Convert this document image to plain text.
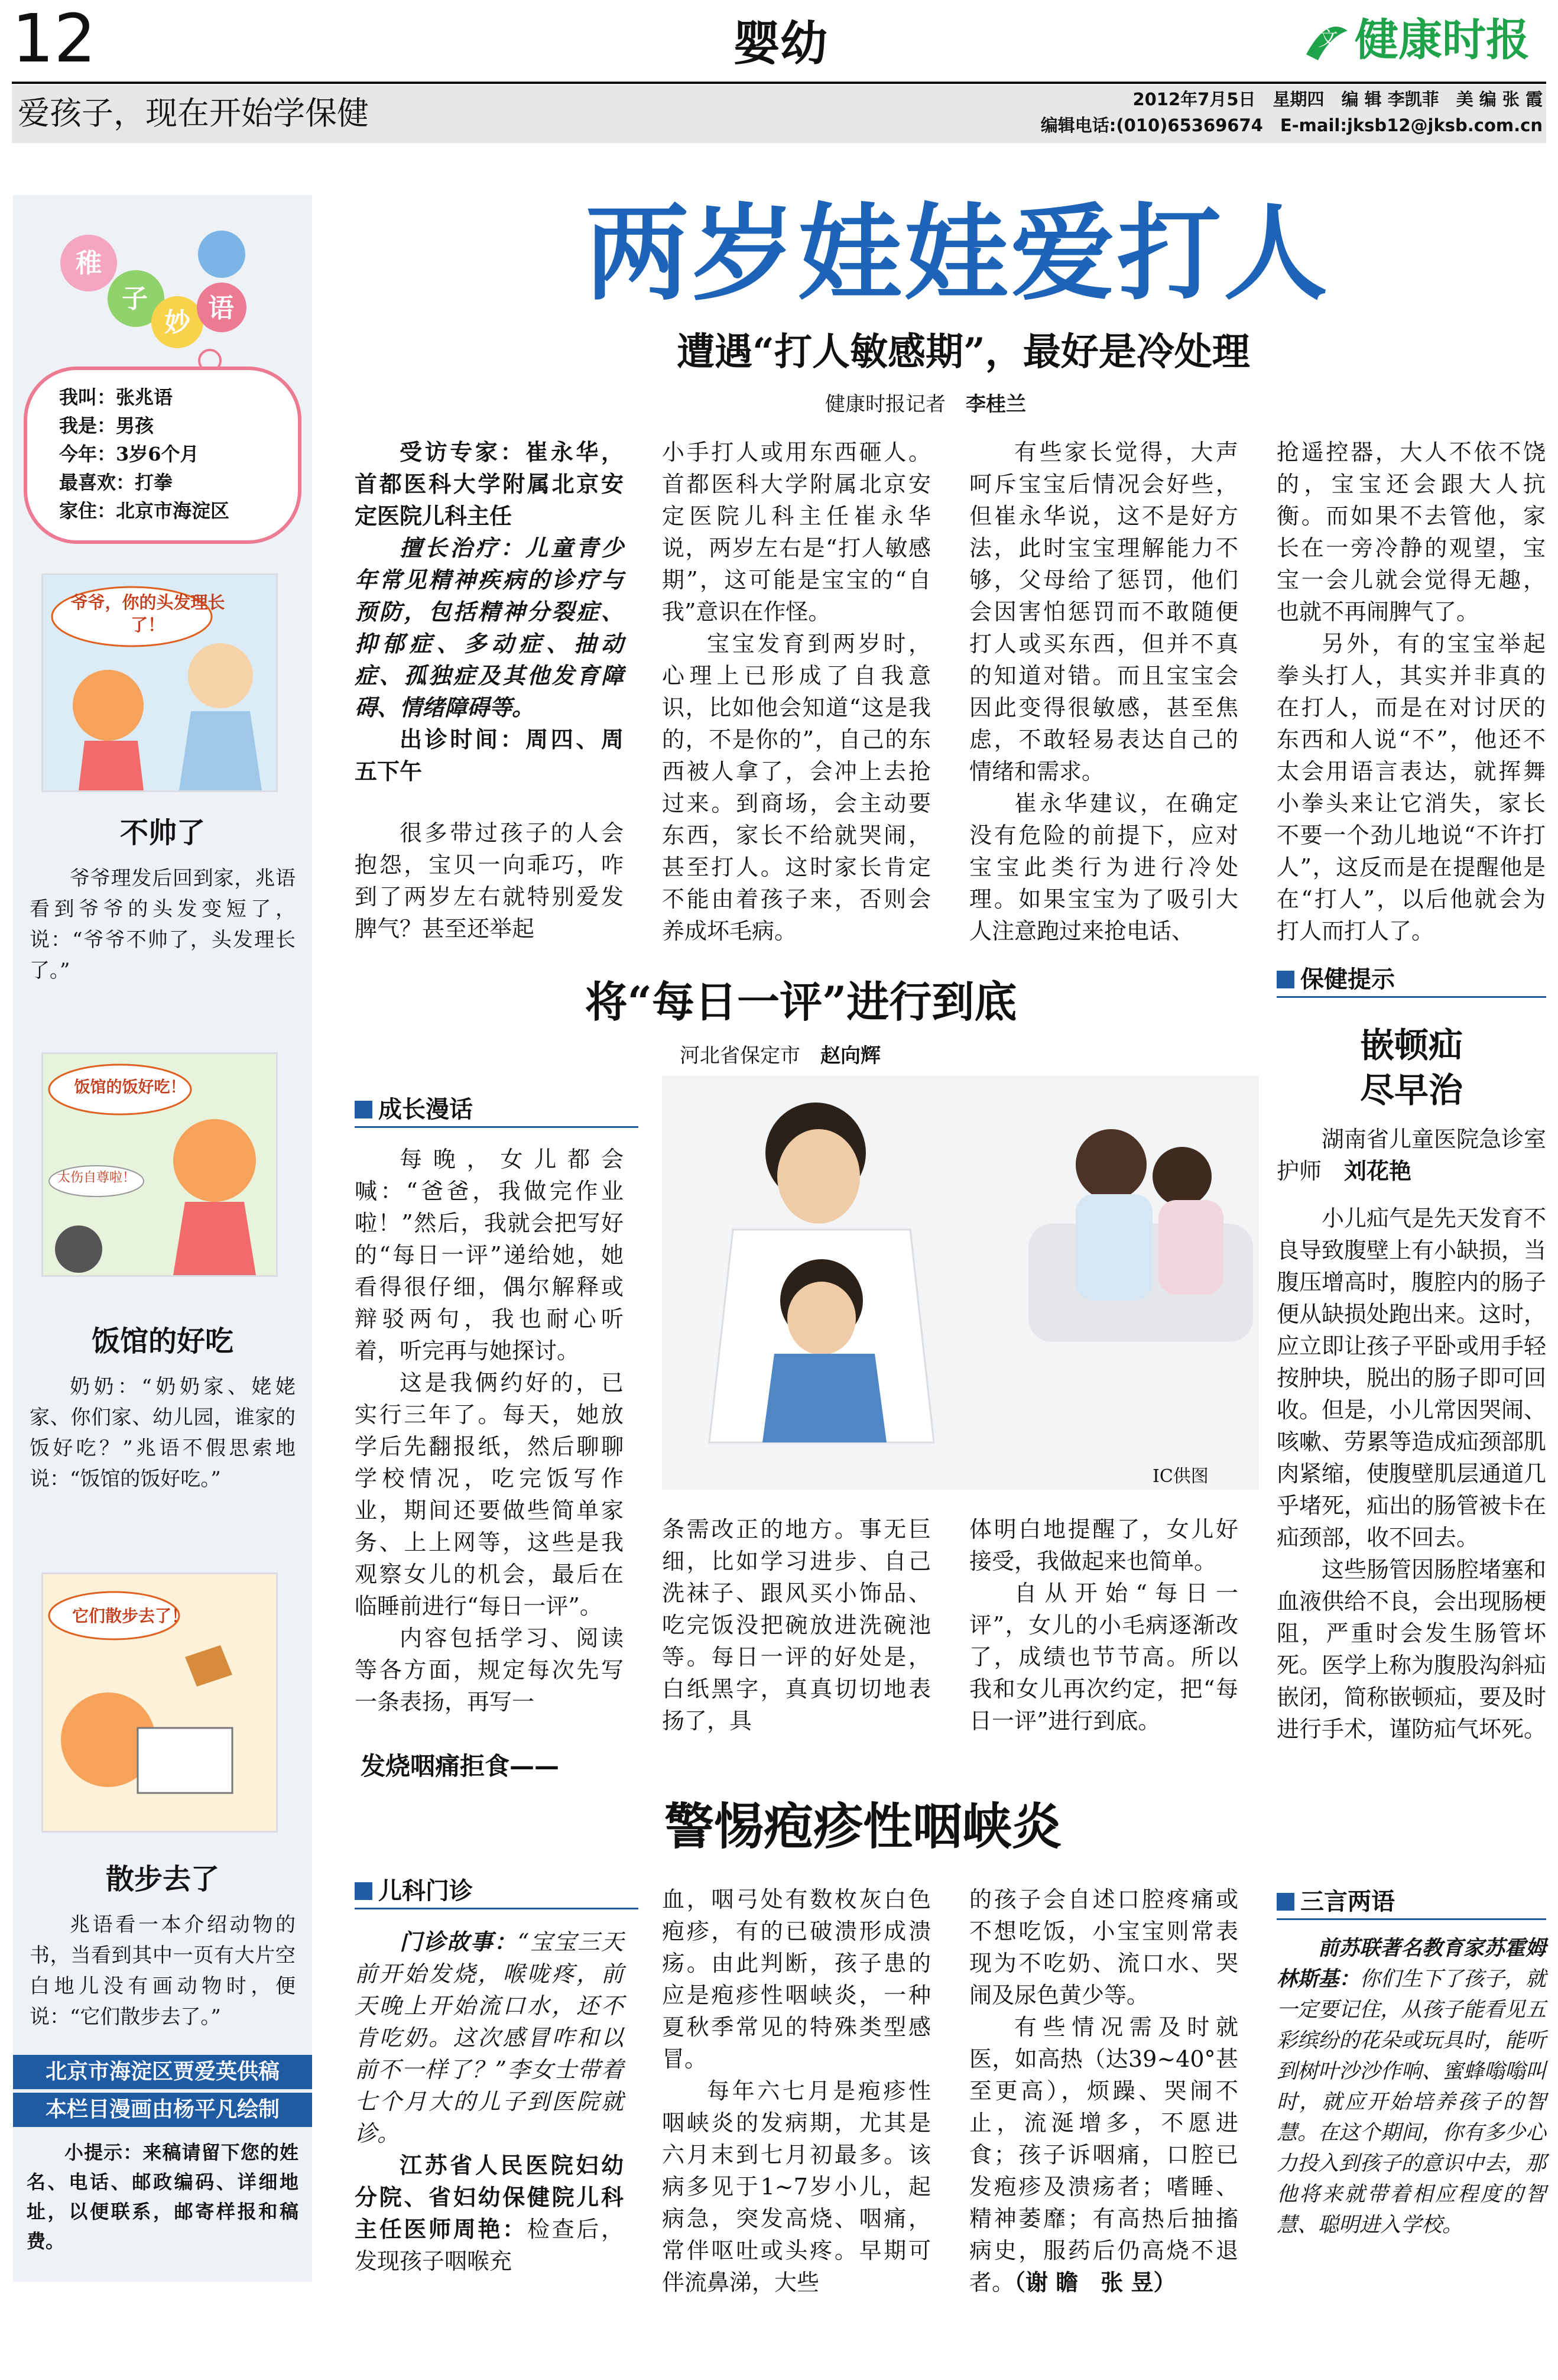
12	婴幼	文 健康时报
爱孩子，现在开始学保健	2012年7月5日　星期四　编 辑 李凯菲　美 编 张 霞
编辑电话:(010)65369674　E-mail:jksb12@jksb.com.cn
稚
子
妙 语
我叫：张兆语
我是：男孩
今年：3岁6个月
最喜欢：打拳
家住：北京市海淀区
爷爷，你的头发理长了！
不帅了

爷爷理发后回到家，兆语看到爷爷的头发变短了，说：“爷爷不帅了，头发理长了。”

饭馆的饭好吃！
太伤自尊啦！
饭馆的好吃

奶奶：“奶奶家、姥姥家、你们家、幼儿园，谁家的饭好吃？”兆语不假思索地说：“饭馆的饭好吃。”

它们散步去了！
散步去了

兆语看一本介绍动物的书，当看到其中一页有大片空白地儿没有画动物时，便说：“它们散步去了。”

北京市海淀区贾爱英供稿
本栏目漫画由杨平凡绘制

小提示：来稿请留下您的姓名、电话、邮政编码、详细地址，以便联系，邮寄样报和稿费。

两岁娃娃爱打人
遭遇“打人敏感期”，最好是冷处理
健康时报记者　 李桂兰

受访专家：崔永华，首都医科大学附属北京安定医院儿科主任

擅长治疗：儿童青少年常见精神疾病的诊疗与预防，包括精神分裂症、抑郁症、多动症、抽动症、孤独症及其他发育障碍、情绪障碍等。

出诊时间：周四、周五下午

很多带过孩子的人会抱怨，宝贝一向乖巧，咋到了两岁左右就特别爱发脾气？甚至还举起

小手打人或用东西砸人。首都医科大学附属北京安定医院儿科主任崔永华说，两岁左右是“打人敏感期”，这可能是宝宝的“自我”意识在作怪。

宝宝发育到两岁时，心理上已形成了自我意识，比如他会知道“这是我的，不是你的”，自己的东西被人拿了，会冲上去抢过来。到商场，会主动要东西，家长不给就哭闹，甚至打人。这时家长肯定不能由着孩子来，否则会养成坏毛病。

有些家长觉得，大声呵斥宝宝后情况会好些，但崔永华说，这不是好方法，此时宝宝理解能力不够，父母给了惩罚，他们会因害怕惩罚而不敢随便打人或买东西，但并不真的知道对错。而且宝宝会因此变得很敏感，甚至焦虑，不敢轻易表达自己的情绪和需求。

崔永华建议，在确定没有危险的前提下，应对宝宝此类行为进行冷处理。如果宝宝为了吸引大人注意跑过来抢电话、

抢遥控器，大人不依不饶的，宝宝还会跟大人抗衡。而如果不去管他，家长在一旁冷静的观望，宝宝一会儿就会觉得无趣，也就不再闹脾气了。

另外，有的宝宝举起拳头打人，其实并非真的在打人，而是在对讨厌的东西和人说“不”，他还不太会用语言表达，就挥舞小拳头来让它消失，家长不要一个劲儿地说“不许打人”，这反而是在提醒他是在“打人”，以后他就会为打人而打人了。

将“每日一评”进行到底
河北省保定市　 赵向辉
成长漫话
IC供图

每晚，女儿都会喊：“爸爸，我做完作业啦！”然后，我就会把写好的“每日一评”递给她，她看得很仔细，偶尔解释或辩驳两句，我也耐心听着，听完再与她探讨。

这是我俩约好的，已实行三年了。每天，她放学后先翻报纸，然后聊聊学校情况，吃完饭写作业，期间还要做些简单家务、上上网等，这些是我观察女儿的机会，最后在临睡前进行“每日一评”。

内容包括学习、阅读等各方面，规定每次先写一条表扬，再写一

条需改正的地方。事无巨细，比如学习进步、自己洗袜子、跟风买小饰品、吃完饭没把碗放进洗碗池等。每日一评的好处是，白纸黑字，真真切切地表扬了，具

体明白地提醒了，女儿好接受，我做起来也简单。

自从开始“每日一评”，女儿的小毛病逐渐改了，成绩也节节高。所以我和女儿再次约定，把“每日一评”进行到底。

发烧咽痛拒食——
警惕疱疹性咽峡炎
儿科门诊

门诊故事：“宝宝三天前开始发烧，喉咙疼，前天晚上开始流口水，还不肯吃奶。这次感冒咋和以前不一样了？”李女士带着七个月大的儿子到医院就诊。

江苏省人民医院妇幼分院、省妇幼保健院儿科主任医师周艳：检查后，发现孩子咽喉充

血，咽弓处有数枚灰白色疱疹，有的已破溃形成溃疡。由此判断，孩子患的应是疱疹性咽峡炎，一种夏秋季常见的特殊类型感冒。

每年六七月是疱疹性咽峡炎的发病期，尤其是六月末到七月初最多。该病多见于1~7岁小儿，起病急，突发高烧、咽痛，常伴呕吐或头疼。早期可伴流鼻涕，大些

的孩子会自述口腔疼痛或不想吃饭，小宝宝则常表现为不吃奶、流口水、哭闹及尿色黄少等。

有些情况需及时就医，如高热（达39~40°甚至更高），烦躁、哭闹不止，流涎增多，不愿进食；孩子诉咽痛，口腔已发疱疹及溃疡者；嗜睡、精神萎靡；有高热后抽搐病史，服药后仍高烧不退者。（谢 瞻　张 昱）

保健提示
嵌顿疝
尽早治

湖南省儿童医院急诊室护师　 刘花艳

小儿疝气是先天发育不良导致腹壁上有小缺损，当腹压增高时，腹腔内的肠子便从缺损处跑出来。这时，应立即让孩子平卧或用手轻按肿块，脱出的肠子即可回收。但是，小儿常因哭闹、咳嗽、劳累等造成疝颈部肌肉紧缩，使腹壁肌层通道几乎堵死，疝出的肠管被卡在疝颈部，收不回去。

这些肠管因肠腔堵塞和血液供给不良，会出现肠梗阻，严重时会发生肠管坏死。医学上称为腹股沟斜疝嵌闭，简称嵌顿疝，要及时进行手术，谨防疝气坏死。

三言两语

前苏联著名教育家苏霍姆林斯基：你们生下了孩子，就一定要记住，从孩子能看见五彩缤纷的花朵或玩具时，能听到树叶沙沙作响、蜜蜂嗡嗡叫时，就应开始培养孩子的智慧。在这个期间，你有多少心力投入到孩子的意识中去，那他将来就带着相应程度的智慧、聪明进入学校。
